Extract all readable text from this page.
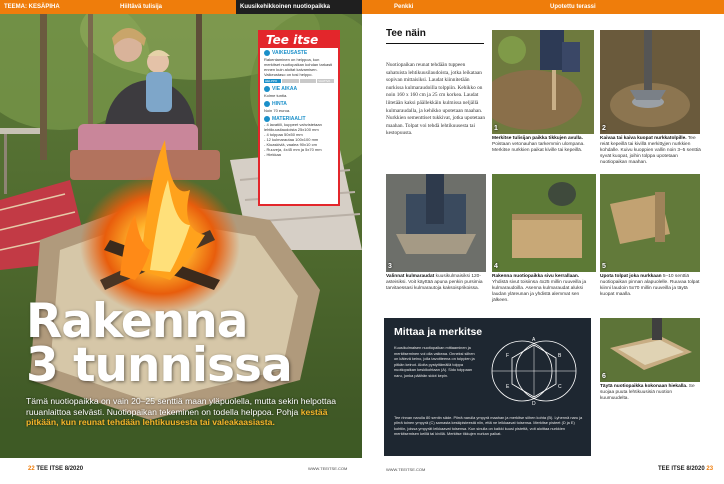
TEEMA: KESÄPIHA	Hiiltävä tulisija	Kuusikehikkoinen nuotiopaikka
Tee itse
VAIKEUSASTE
Rakentaminen on helppoa, kun merkitset nuotiopaikan kohdan tarkasti ennen kuin aloitat kaivamisen. Vaikeustaso on tosi helppo.
HELPPO	VAATIVA
VIE AIKAA
Kolme tuntia.
HINTA
Noin 70 euroa.
MATERIAALIT
- 4 lavatiili, kuppeet vahvistetaan lehtikuusilaudoista 25x100 mm
- 4 tolppaa 50x50 mm
- 12 kulmarautaa 100x100 mm
- Kiuaskiviä, vaalea 90x10 cm
- Ruuveja, 4x45 mm ja 5x70 mm
- Hiekkaa
Rakenna
3 tunnissa
Tämä nuotiopaikka on vain 20–25 senttiä maan yläpuolella, mutta sekin helpottaa ruuanlaittoa selvästi. Nuotiopaikan tekeminen on todella helppoa. Pohja kestää pitkään, kun reunat tehdään lehtikuusesta tai valeakaasiasta.
22 TEE ITSE 8/2020	WWW.TEEITSE.COM
Penkki	Upotettu terassi
Tee näin
Nuotiopaikan reunat tehdään tuppeen sahatuista lehtikuusilaudoista, jotka leikataan sopivan mittaisiksi. Laudat kiinnitetään nurkissa kulmaraudoilla tolppiin. Kehikko on noin 160 x 160 cm ja 25 cm korkea. Laudat liitetään kaksi päällekkäin kulmissa neljällä kulmaraudalla, ja kehikko upotetaan maahan. Nurkkien sementtiset tukkivat, jotka upotetaan maahan. Tolpat voi tehdä lehtikuusesta tai kestopuusta.
1	2
Merkitse tulisijan paikka tikkujen avulla. Poistaan vetonauhan tarkemmin ulompana. Merkitse nurkkien paikat kiville tai kepeillä.
Kaivaa tai kaiva kuopat nurkkatolpille. Tee reiät kepeillä tai kivillä merkittyjen nurkkien kohdalle. Kuivu kuoppien vallin noin 3–5 senttiä syvät kuopat, joihin tolppa upotetaan nuotiopaikan maahan.
3	4	5
Valinnat kulmaraudat kuusikulmaisiksi 120-asteisiksi. Voit käyttää apuna penkin pursimia tarvitaessasi kulmarautoja kaksoisprikoissa.
Rakenna nuotiopaikka sivu kerrallaan. Yhdistä sivut toisiinsa 4x25 millin ruuveilla ja kulmaraudoilla. Asenna kulmaraudat aluksi laudan yläreunan ja yhdistä alemmat sen jälkeen.
Upota tolpat joka nurkkaan 5–10 senttiä nuotiopaikan pinnan alapuolelle. Ruuvaa tolpat kiinni laudoin 5x70 millin ruuveilla ja täytä kuopat maalla.
Mittaa ja merkitse
Kuusikulmaisen nuotiopaikan mittaaminen ja merkitseminen voi olla vaikeaa. Onneksi siihen on kätevä keino, jolla tavoitteena on tolppien ja pitkän keinot. Aloita pystyttämällä tolppa nuotiopaikan keskikohtaan (A). Sido tolppaan naru, jonka päähän sidot kepin.
A
B
C
D
E
F
Tee rinnan narulla 80 sentin säde. Piirrä narulla ympyrä maahan ja merkitse siihen kohta (B). Lyhennä naru ja piirrä toinen ympyrä (C) samasta keskipisteestä niin, että ne leikkaavat toisensa. Merkitse pisteet (D ja E) kohtiin, joissa ympyrät leikkaavat toisensa. Kun sinulla on kaikki kuusi pistettä, voit aloittaa nurkkien merkitsemisen keillä tai kivillä. Merkitse tikkujen nurkan paikat.
6
Täytä nuotiopaikka kokonaan hiekalla. Se suojaa puuta lehtikuusisiä nuotion kuumuudelta.
WWW.TEEITSE.COM	TEE ITSE 8/2020 23
